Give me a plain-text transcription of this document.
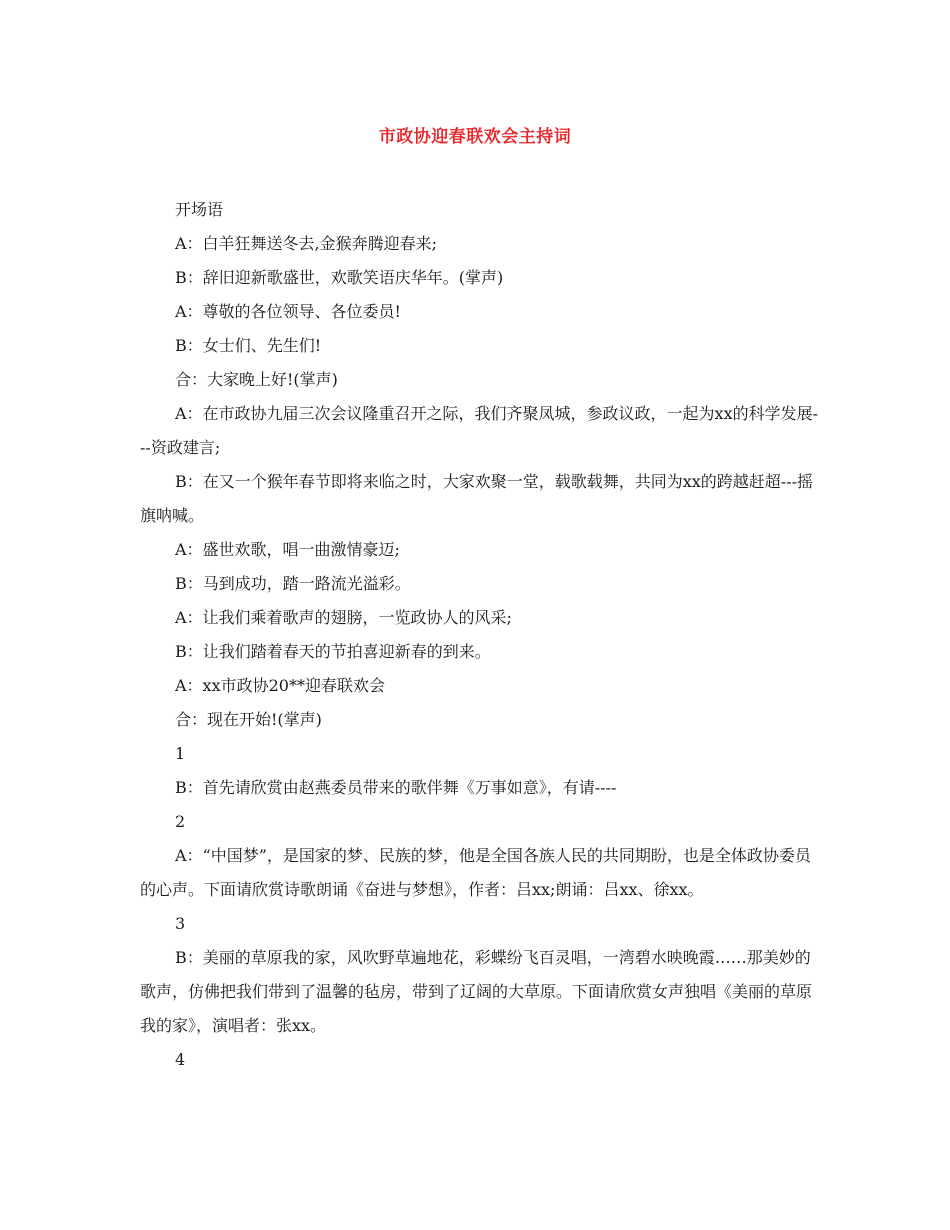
市政协迎春联欢会主持词

开场语

A：白羊狂舞送冬去,金猴奔腾迎春来;

B：辞旧迎新歌盛世，欢歌笑语庆华年。(掌声)

A：尊敬的各位领导、各位委员!

B：女士们、先生们!

合：大家晚上好!(掌声)

A：在市政协九届三次会议隆重召开之际，我们齐聚凤城，参政议政，一起为xx的科学发展---资政建言;

B：在又一个猴年春节即将来临之时，大家欢聚一堂，载歌载舞，共同为xx的跨越赶超---摇旗呐喊。

A：盛世欢歌，唱一曲激情豪迈;

B：马到成功，踏一路流光溢彩。

A：让我们乘着歌声的翅膀，一览政协人的风采;

B：让我们踏着春天的节拍喜迎新春的到来。

A：xx市政协20**迎春联欢会

合：现在开始!(掌声)

1

B：首先请欣赏由赵燕委员带来的歌伴舞《万事如意》，有请----

2

A：“中国梦”，是国家的梦、民族的梦，他是全国各族人民的共同期盼，也是全体政协委员的心声。下面请欣赏诗歌朗诵《奋进与梦想》，作者：吕xx;朗诵：吕xx、徐xx。

3

B：美丽的草原我的家，风吹野草遍地花，彩蝶纷飞百灵唱，一湾碧水映晚霞……那美妙的歌声，仿佛把我们带到了温馨的毡房，带到了辽阔的大草原。下面请欣赏女声独唱《美丽的草原我的家》，演唱者：张xx。

4
